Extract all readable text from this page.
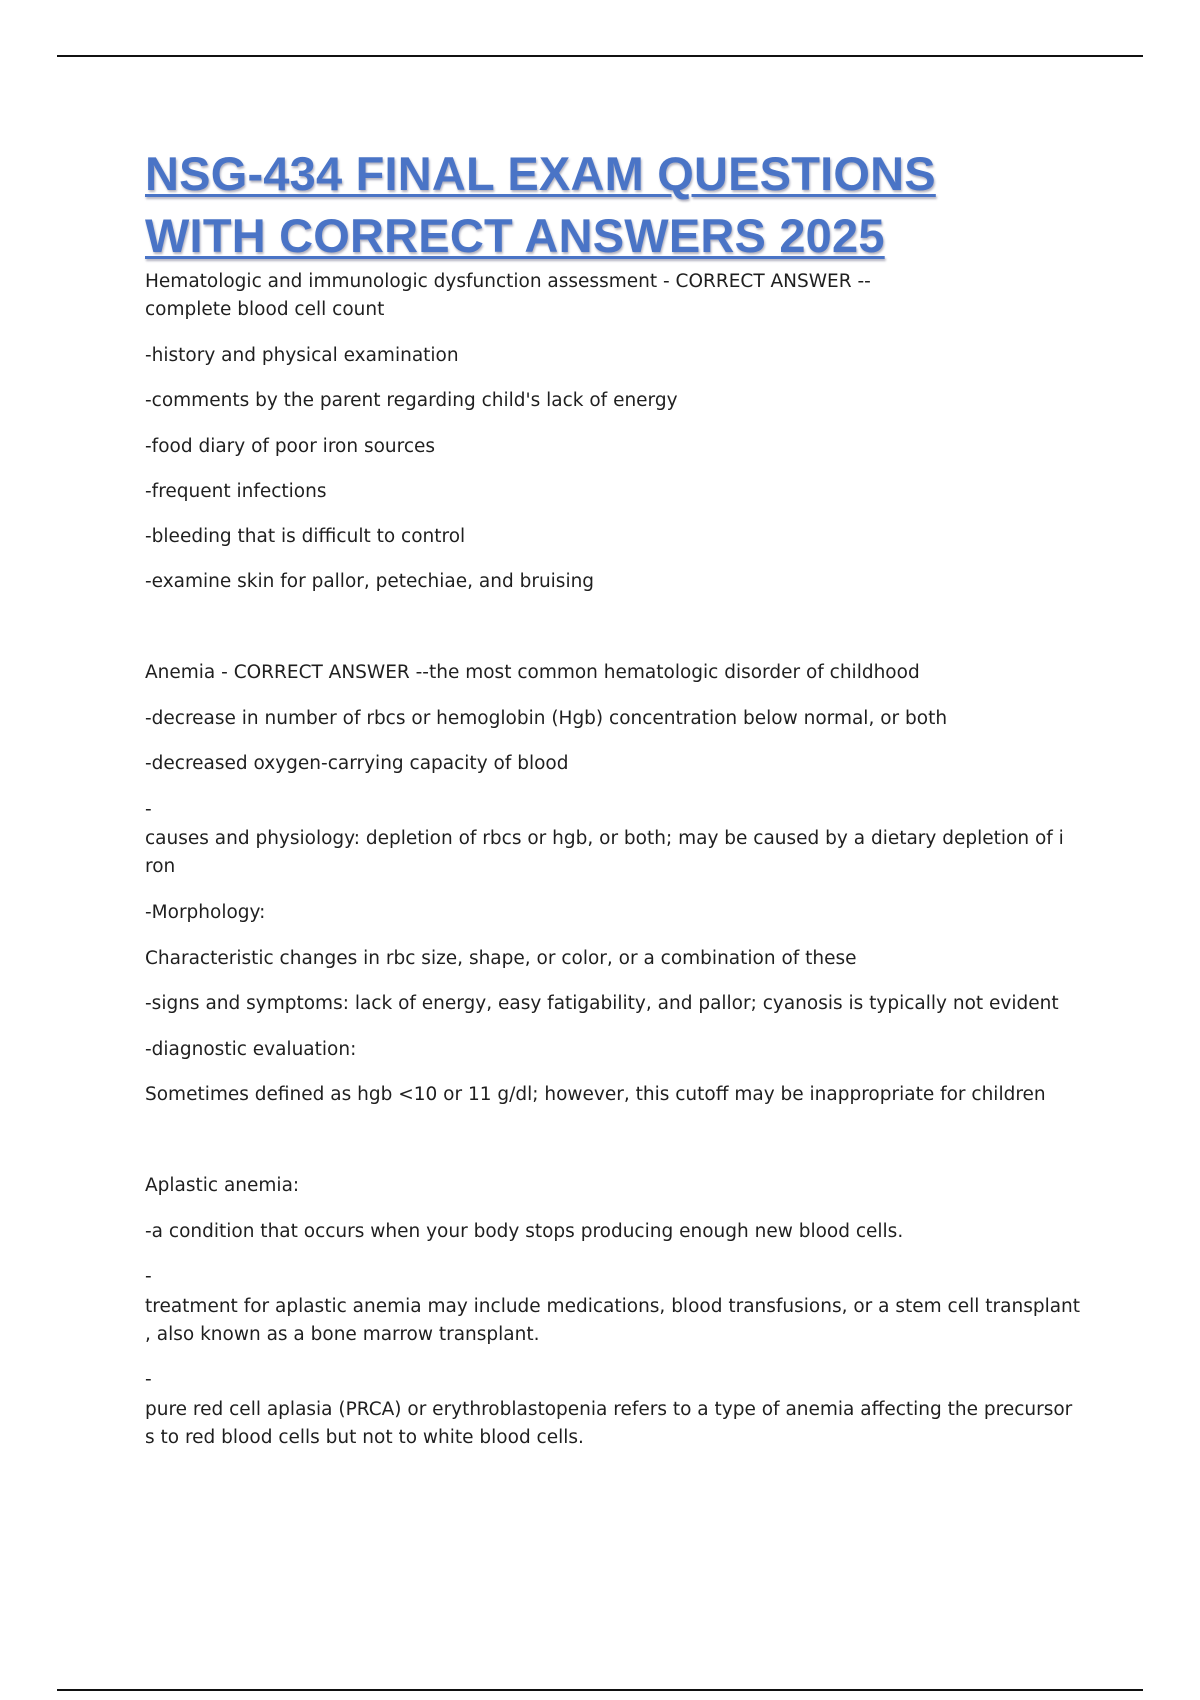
NSG-434 FINAL EXAM QUESTIONS
WITH CORRECT ANSWERS 2025
Hematologic and immunologic dysfunction assessment - CORRECT ANSWER --
complete blood cell count
-history and physical examination
-comments by the parent regarding child's lack of energy
-food diary of poor iron sources
-frequent infections
-bleeding that is difficult to control
-examine skin for pallor, petechiae, and bruising
Anemia - CORRECT ANSWER --the most common hematologic disorder of childhood
-decrease in number of rbcs or hemoglobin (Hgb) concentration below normal, or both
-decreased oxygen-carrying capacity of blood
-
causes and physiology: depletion of rbcs or hgb, or both; may be caused by a dietary depletion of i
ron
-Morphology:
Characteristic changes in rbc size, shape, or color, or a combination of these
-signs and symptoms: lack of energy, easy fatigability, and pallor; cyanosis is typically not evident
-diagnostic evaluation:
Sometimes defined as hgb <10 or 11 g/dl; however, this cutoff may be inappropriate for children
Aplastic anemia:
-a condition that occurs when your body stops producing enough new blood cells.
-
treatment for aplastic anemia may include medications, blood transfusions, or a stem cell transplant
, also known as a bone marrow transplant.
-
pure red cell aplasia (PRCA) or erythroblastopenia refers to a type of anemia affecting the precursor
s to red blood cells but not to white blood cells.
